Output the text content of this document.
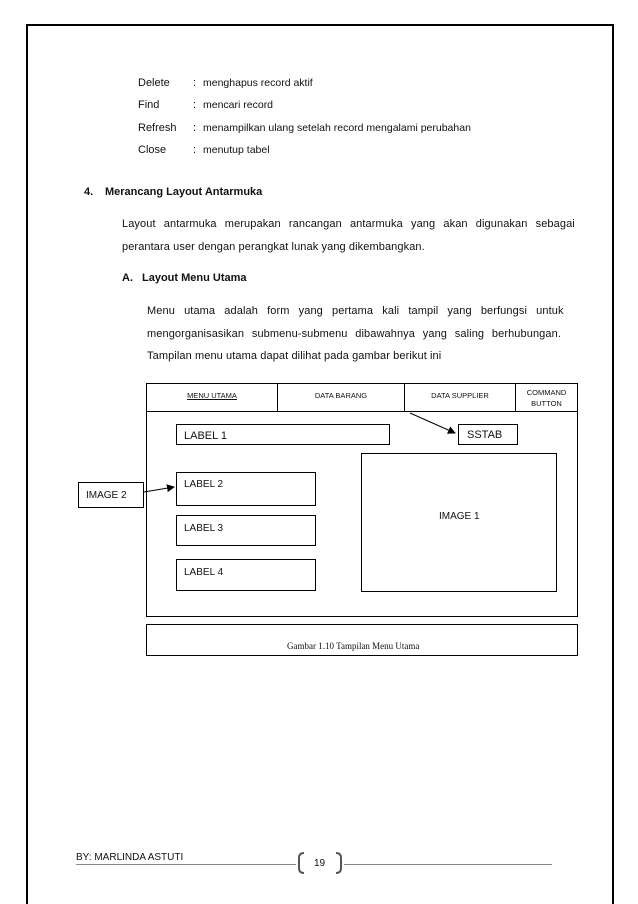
Delete : menghapus record aktif
Find	: mencari record
Refresh : menampilkan ulang setelah record mengalami perubahan
Close : menutup tabel
4. Merancang Layout Antarmuka
Layout antarmuka merupakan rancangan antarmuka yang akan digunakan sebagai
perantara user dengan perangkat lunak yang dikembangkan.
A. Layout Menu Utama
Menu utama adalah form yang pertama kali tampil yang berfungsi untuk
mengorganisasikan submenu-submenu dibawahnya yang saling berhubungan.
Tampilan menu utama dapat dilihat pada gambar berikut ini
MENU UTAMA	DATA BARANG	DATA SUPPLIER	COMMAND
BUTTON
LABEL 1	SSTAB
LABEL 2
LABEL 3
LABEL 4
IMAGE 1
IMAGE 2
Gambar 1.10 Tampilan Menu Utama
BY: MARLINDA ASTUTI
19
